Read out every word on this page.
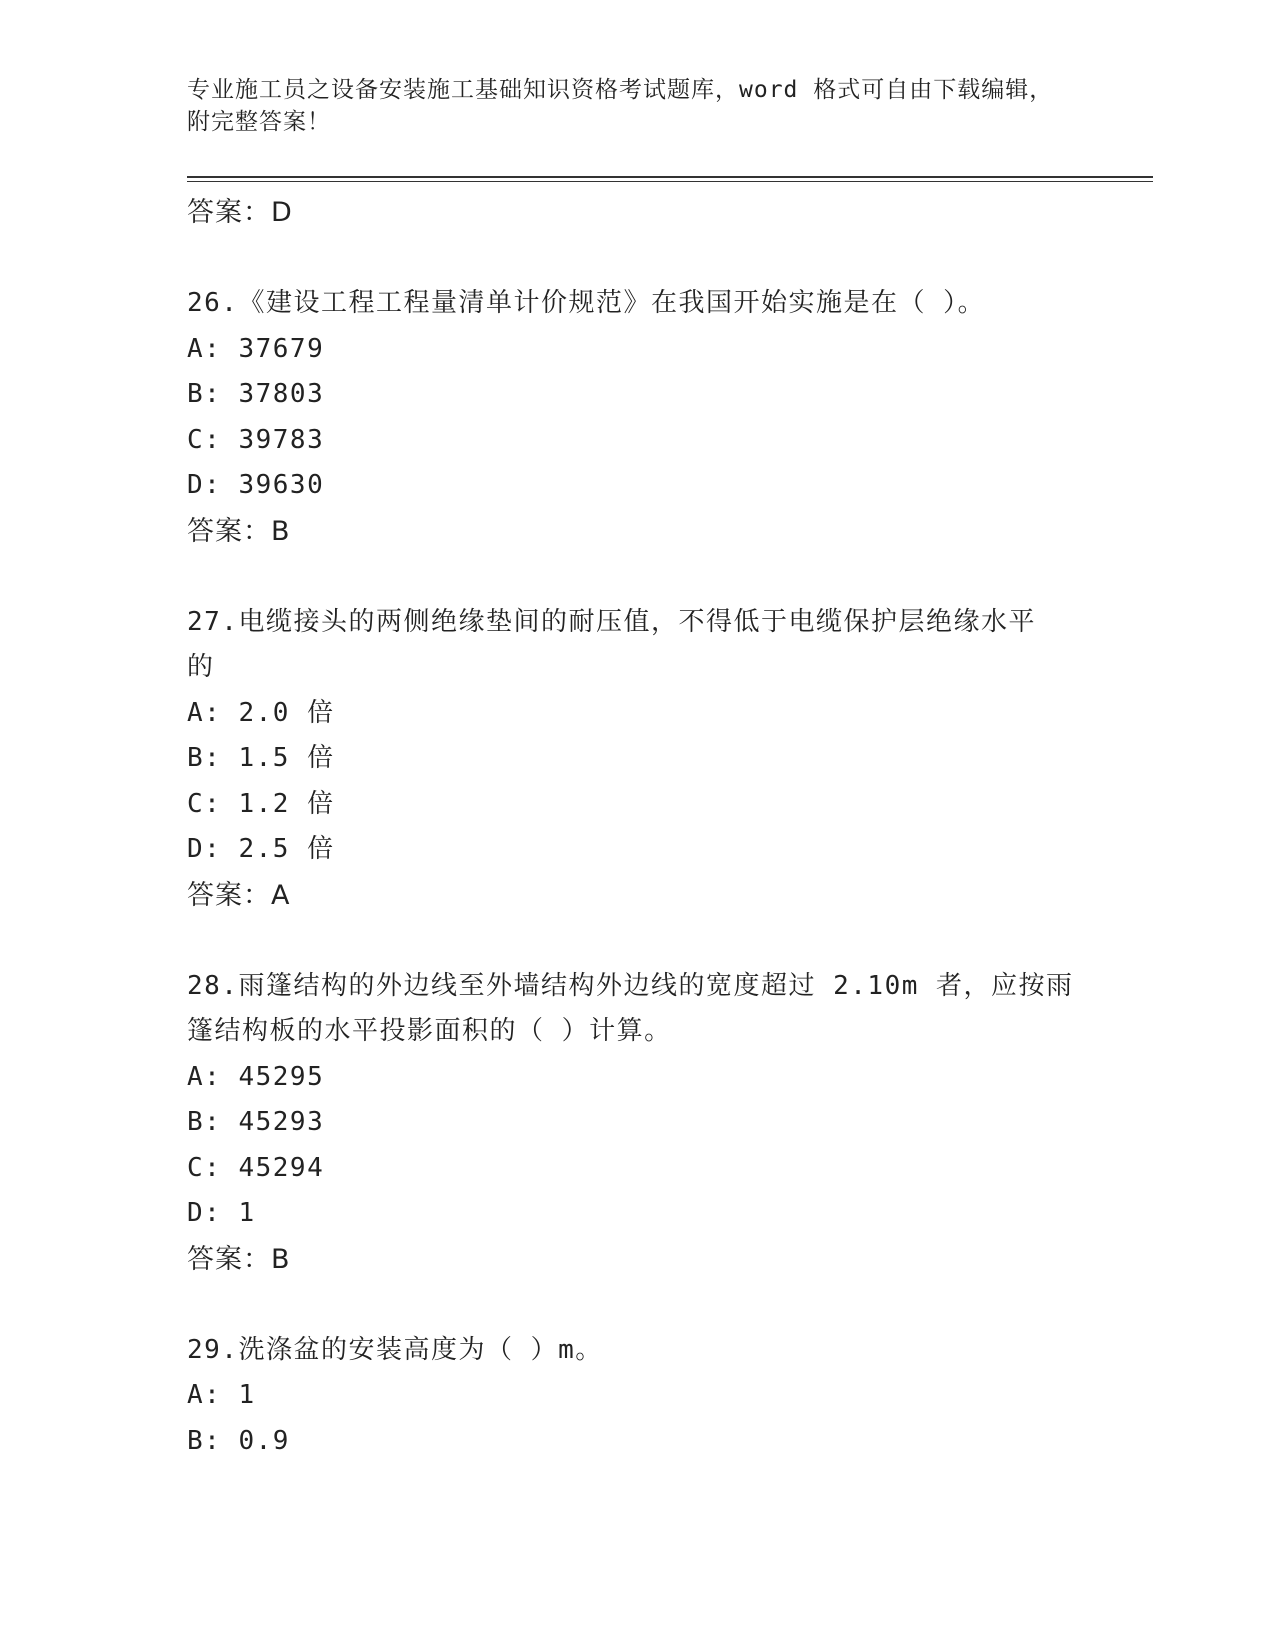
专业施工员之设备安装施工基础知识资格考试题库，word 格式可自由下载编辑，
附完整答案！
答案：D
26.《建设工程工程量清单计价规范》在我国开始实施是在（ ）。
A: 37679
B: 37803
C: 39783
D: 39630
答案：B
27.电缆接头的两侧绝缘垫间的耐压值，不得低于电缆保护层绝缘水平
的
A: 2.0 倍
B: 1.5 倍
C: 1.2 倍
D: 2.5 倍
答案：A
28.雨篷结构的外边线至外墙结构外边线的宽度超过 2.10m 者，应按雨
篷结构板的水平投影面积的（ ）计算。
A: 45295
B: 45293
C: 45294
D: 1
答案：B
29.洗涤盆的安装高度为（ ）m。
A: 1
B: 0.9
